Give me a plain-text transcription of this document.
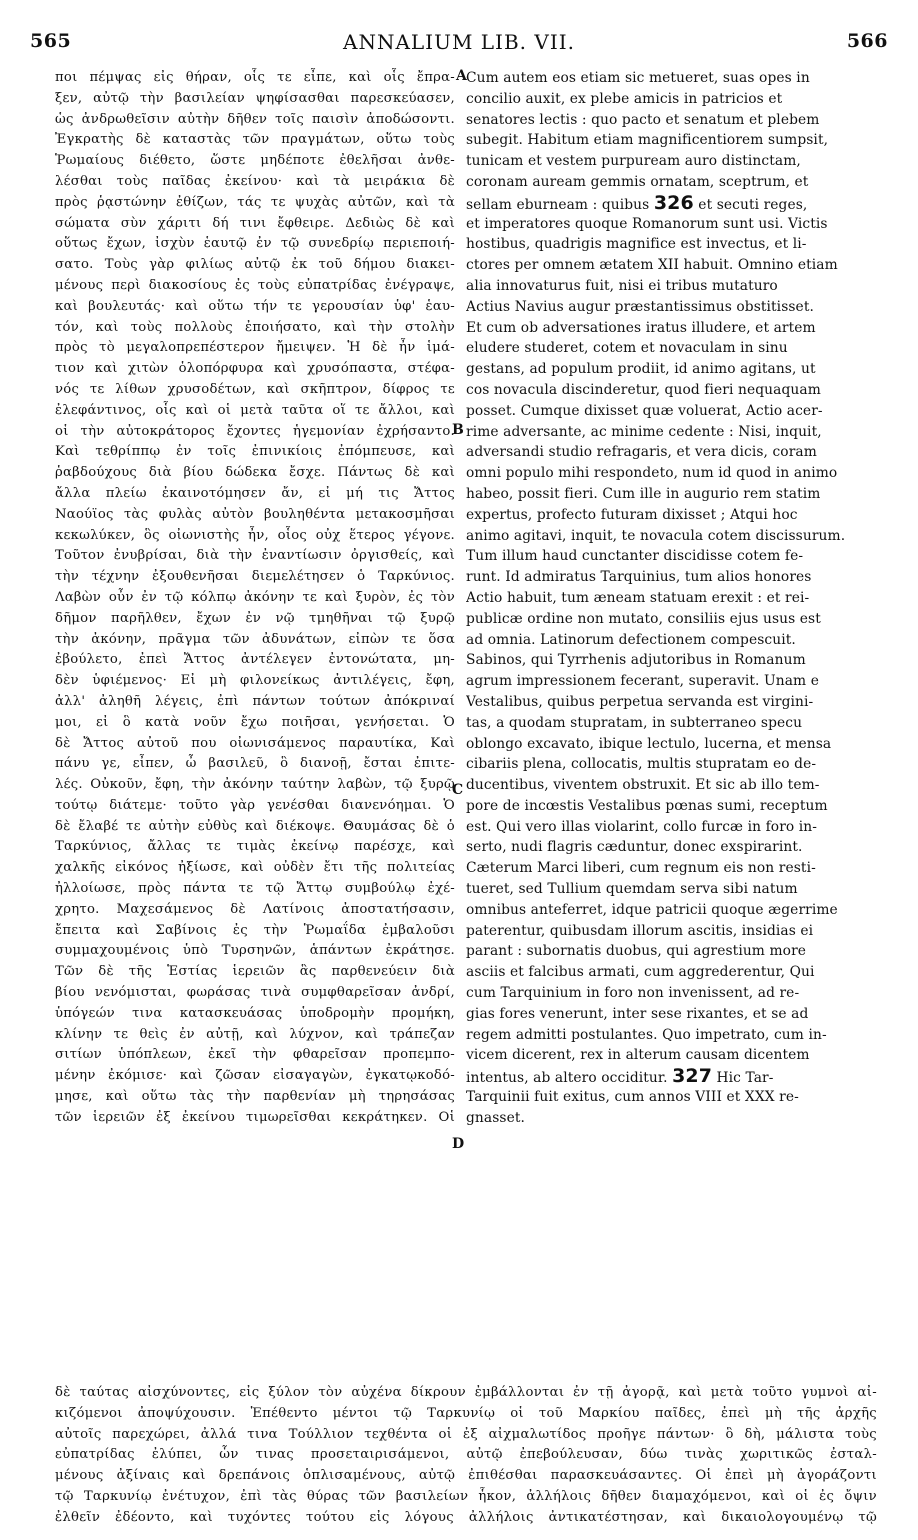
565	ANNALIUM LIB. VII.	566
A
B
C
D
ποι πέμψας εἰς θήραν, οἷς τε εἶπε, καὶ οἷς ἔπρα-
ξεν, αὐτῷ τὴν βασιλείαν ψηφίσασθαι παρεσκεύασεν,
ὡς ἀνδρωθεῖσιν αὐτὴν δῆθεν τοῖς παισὶν ἀποδώσοντι.
Ἐγκρατὴς δὲ καταστὰς τῶν πραγμάτων, οὕτω τοὺς
Ῥωμαίους διέθετο, ὥστε μηδέποτε ἐθελῆσαι ἀνθε-
λέσθαι τοὺς παῖδας ἐκείνου· καὶ τὰ μειράκια δὲ
πρὸς ῥᾳστώνην ἐθίζων, τάς τε ψυχὰς αὐτῶν, καὶ τὰ
σώματα σὺν χάριτι δή τινι ἔφθειρε. Δεδιὼς δὲ καὶ
οὕτως ἔχων, ἰσχὺν ἑαυτῷ ἐν τῷ συνεδρίῳ περιεποιή-
σατο. Τοὺς γὰρ φιλίως αὐτῷ ἐκ τοῦ δήμου διακει-
μένους περὶ διακοσίους ἐς τοὺς εὐπατρίδας ἐνέγραψε,
καὶ βουλευτάς· καὶ οὕτω τήν τε γερουσίαν ὑφ' ἑαυ-
τόν, καὶ τοὺς πολλοὺς ἐποιήσατο, καὶ τὴν στολὴν
πρὸς τὸ μεγαλοπρεπέστερον ἤμειψεν. Ἡ δὲ ἦν ἱμά-
τιον καὶ χιτὼν ὁλοπόρφυρα καὶ χρυσόπαστα, στέφα-
νός τε λίθων χρυσοδέτων, καὶ σκῆπτρον, δίφρος τε
ἐλεφάντινος, οἷς καὶ οἱ μετὰ ταῦτα οἵ τε ἄλλοι, καὶ
οἱ τὴν αὐτοκράτορος ἔχοντες ἡγεμονίαν ἐχρήσαντο.
Καὶ τεθρίππῳ ἐν τοῖς ἐπινικίοις ἐπόμπευσε, καὶ
ῥαβδούχους διὰ βίου δώδεκα ἔσχε. Πάντως δὲ καὶ
ἄλλα πλείω ἐκαινοτόμησεν ἄν, εἰ μή τις Ἄττος
Ναούϊος τὰς φυλὰς αὐτὸν βουληθέντα μετακοσμῆσαι
κεκωλύκεν, ὃς οἰωνιστὴς ἦν, οἷος οὐχ ἕτερος γέγονε.
Τοῦτον ἐνυβρίσαι, διὰ τὴν ἐναντίωσιν ὀργισθείς, καὶ
τὴν τέχνην ἐξουθενῆσαι διεμελέτησεν ὁ Ταρκύνιος.
Λαβὼν οὖν ἐν τῷ κόλπῳ ἀκόνην τε καὶ ξυρὸν, ἐς τὸν
δῆμον παρῆλθεν, ἔχων ἐν νῷ τμηθῆναι τῷ ξυρῷ
τὴν ἀκόνην, πρᾶγμα τῶν ἀδυνάτων, εἰπὼν τε ὅσα
ἐβούλετο, ἐπεὶ Ἄττος ἀντέλεγεν ἐντονώτατα, μη-
δὲν ὑφιέμενος· Εἰ μὴ φιλονείκως ἀντιλέγεις, ἔφη,
ἀλλ' ἀληθῆ λέγεις, ἐπὶ πάντων τούτων ἀπόκριναί
μοι, εἰ ὃ κατὰ νοῦν ἔχω ποιῆσαι, γενήσεται. Ὁ
δὲ Ἄττος αὐτοῦ που οἰωνισάμενος παραυτίκα, Καὶ
πάνυ γε, εἶπεν, ὦ βασιλεῦ, ὃ διανοῇ, ἔσται ἐπιτε-
λές. Οὐκοῦν, ἔφη, τὴν ἀκόνην ταύτην λαβὼν, τῷ ξυρῷ
τούτῳ διάτεμε· τοῦτο γὰρ γενέσθαι διανενόημαι. Ὁ
δὲ ἔλαβέ τε αὐτὴν εὐθὺς καὶ διέκοψε. Θαυμάσας δὲ ὁ
Ταρκύνιος, ἄλλας τε τιμὰς ἐκείνῳ παρέσχε, καὶ
χαλκῆς εἰκόνος ἠξίωσε, καὶ οὐδὲν ἔτι τῆς πολιτείας
ἠλλοίωσε, πρὸς πάντα τε τῷ Ἄττῳ συμβούλῳ ἐχέ-
χρητο. Μαχεσάμενος δὲ Λατίνοις ἀποστατήσασιν,
ἔπειτα καὶ Σαβίνοις ἐς τὴν Ῥωμαΐδα ἐμβαλοῦσι
συμμαχουμένοις ὑπὸ Τυρσηνῶν, ἁπάντων ἐκράτησε.
Τῶν δὲ τῆς Ἑστίας ἱερειῶν ἃς παρθενεύειν διὰ
βίου νενόμισται, φωράσας τινὰ συμφθαρεῖσαν ἀνδρί,
ὑπόγεών τινα κατασκευάσας ὑποδρομὴν προμήκη,
κλίνην τε θεὶς ἐν αὐτῇ, καὶ λύχνον, καὶ τράπεζαν
σιτίων ὑπόπλεων, ἐκεῖ τὴν φθαρεῖσαν προπεμπο-
μένην ἐκόμισε· καὶ ζῶσαν εἰσαγαγὼν, ἐγκατῳκοδό-
μησε, καὶ οὕτω τὰς τὴν παρθενίαν μὴ τηρησάσας
τῶν ἱερειῶν ἐξ ἐκείνου τιμωρεῖσθαι κεκράτηκεν. Οἱ
Cum autem eos etiam sic metueret, suas opes in
concilio auxit, ex plebe amicis in patricios et
senatores lectis : quo pacto et senatum et plebem
subegit. Habitum etiam magnificentiorem sumpsit,
tunicam et vestem purpuream auro distinctam,
coronam auream gemmis ornatam, sceptrum, et
sellam eburneam : quibus 326 et secuti reges,
et imperatores quoque Romanorum sunt usi. Victis
hostibus, quadrigis magnifice est invectus, et li-
ctores per omnem ætatem XII habuit. Omnino etiam
alia innovaturus fuit, nisi ei tribus mutaturo
Actius Navius augur præstantissimus obstitisset.
Et cum ob adversationes iratus illudere, et artem
eludere studeret, cotem et novaculam in sinu
gestans, ad populum prodiit, id animo agitans, ut
cos novacula discinderetur, quod fieri nequaquam
posset. Cumque dixisset quæ voluerat, Actio acer-
rime adversante, ac minime cedente : Nisi, inquit,
adversandi studio refragaris, et vera dicis, coram
omni populo mihi respondeto, num id quod in animo
habeo, possit fieri. Cum ille in augurio rem statim
expertus, profecto futuram dixisset ; Atqui hoc
animo agitavi, inquit, te novacula cotem discissurum.
Tum illum haud cunctanter discidisse cotem fe-
runt. Id admiratus Tarquinius, tum alios honores
Actio habuit, tum æneam statuam erexit : et rei-
publicæ ordine non mutato, consiliis ejus usus est
ad omnia. Latinorum defectionem compescuit.
Sabinos, qui Tyrrhenis adjutoribus in Romanum
agrum impressionem fecerant, superavit. Unam e
Vestalibus, quibus perpetua servanda est virgini-
tas, a quodam stupratam, in subterraneo specu
oblongo excavato, ibique lectulo, lucerna, et mensa
cibariis plena, collocatis, multis stupratam eo de-
ducentibus, viventem obstruxit. Et sic ab illo tem-
pore de incœstis Vestalibus pœnas sumi, receptum
est. Qui vero illas violarint, collo furcæ in foro in-
serto, nudi flagris cæduntur, donec exspirarint.
Cæterum Marci liberi, cum regnum eis non resti-
tueret, sed Tullium quemdam serva sibi natum
omnibus anteferret, idque patricii quoque ægerrime
paterentur, quibusdam illorum ascitis, insidias ei
parant : subornatis duobus, qui agrestium more
asciis et falcibus armati, cum aggrederentur, Qui
cum Tarquinium in foro non invenissent, ad re-
gias fores venerunt, inter sese rixantes, et se ad
regem admitti postulantes. Quo impetrato, cum in-
vicem dicerent, rex in alterum causam dicentem
intentus, ab altero occiditur. 327 Hic Tar-
Tarquinii fuit exitus, cum annos VIII et XXX re-
gnasset.
δὲ ταύτας αἰσχύνοντες, εἰς ξύλον τὸν αὐχένα δίκρουν ἐμβάλλονται ἐν τῇ ἀγορᾷ, καὶ μετὰ τοῦτο γυμνοὶ αἰ-
κιζόμενοι ἀποψύχουσιν. Ἐπέθεντο μέντοι τῷ Ταρκυνίῳ οἱ τοῦ Μαρκίου παῖδες, ἐπεὶ μὴ τῆς ἀρχῆς
αὐτοῖς παρεχώρει, ἀλλά τινα Τούλλιον τεχθέντα οἱ ἐξ αἰχμαλωτίδος προῆγε πάντων· ὃ δὴ, μάλιστα τοὺς
εὐπατρίδας ἐλύπει, ὧν τινας προσεταιρισάμενοι, αὐτῷ ἐπεβούλευσαν, δύω τινὰς χωριτικῶς ἐσταλ-
μένους ἀξίναις καὶ δρεπάνοις ὁπλισαμένους, αὐτῷ ἐπιθέσθαι παρασκευάσαντες. Οἱ ἐπεὶ μὴ ἀγοράζοντι
τῷ Ταρκυνίῳ ἐνέτυχον, ἐπὶ τὰς θύρας τῶν βασιλείων ἧκον, ἀλλήλοις δῆθεν διαμαχόμενοι, καὶ οἱ ἐς ὄψιν
ἐλθεῖν ἐδέοντο, καὶ τυχόντες τούτου εἰς λόγους ἀλλήλοις ἀντικατέστησαν, καὶ δικαιολογουμένῳ τῷ
